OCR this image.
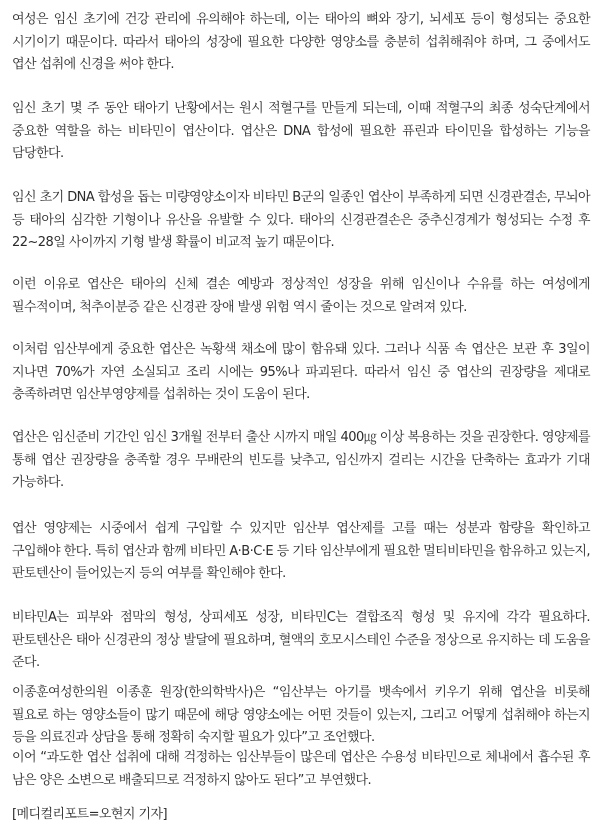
여성은 임신 초기에 건강 관리에 유의해야 하는데, 이는 태아의 뼈와 장기, 뇌세포 등이 형성되는 중요한 시기이기 때문이다. 따라서 태아의 성장에 필요한 다양한 영양소를 충분히 섭취해줘야 하며, 그 중에서도 엽산 섭취에 신경을 써야 한다.

임신 초기 몇 주 동안 태아기 난황에서는 원시 적혈구를 만들게 되는데, 이때 적혈구의 최종 성숙단계에서 중요한 역할을 하는 비타민이 엽산이다. 엽산은 DNA 합성에 필요한 퓨린과 타이민을 합성하는 기능을 담당한다.

임신 초기 DNA 합성을 돕는 미량영양소이자 비타민 B군의 일종인 엽산이 부족하게 되면 신경관결손, 무뇌아 등 태아의 심각한 기형이나 유산을 유발할 수 있다. 태아의 신경관결손은 중추신경계가 형성되는 수정 후 22~28일 사이까지 기형 발생 확률이 비교적 높기 때문이다.

이런 이유로 엽산은 태아의 신체 결손 예방과 정상적인 성장을 위해 임신이나 수유를 하는 여성에게 필수적이며, 척추이분증 같은 신경관 장애 발생 위험 역시 줄이는 것으로 알려져 있다.

이처럼 임산부에게 중요한 엽산은 녹황색 채소에 많이 함유돼 있다. 그러나 식품 속 엽산은 보관 후 3일이 지나면 70%가 자연 소실되고 조리 시에는 95%나 파괴된다. 따라서 임신 중 엽산의 권장량을 제대로 충족하려면 임산부영양제를 섭취하는 것이 도움이 된다.

엽산은 임신준비 기간인 임신 3개월 전부터 출산 시까지 매일 400㎍ 이상 복용하는 것을 권장한다. 영양제를 통해 엽산 권장량을 충족할 경우 무배란의 빈도를 낮추고, 임신까지 걸리는 시간을 단축하는 효과가 기대 가능하다.

엽산 영양제는 시중에서 쉽게 구입할 수 있지만 임산부 엽산제를 고를 때는 성분과 함량을 확인하고 구입해야 한다. 특히 엽산과 함께 비타민 A·B·C·E 등 기타 임산부에게 필요한 멀티비타민을 함유하고 있는지, 판토텐산이 들어있는지 등의 여부를 확인해야 한다.

비타민A는 피부와 점막의 형성, 상피세포 성장, 비타민C는 결합조직 형성 및 유지에 각각 필요하다. 판토텐산은 태아 신경관의 정상 발달에 필요하며, 혈액의 호모시스테인 수준을 정상으로 유지하는 데 도움을 준다.

이종훈여성한의원 이종훈 원장(한의학박사)은 “임산부는 아기를 뱃속에서 키우기 위해 엽산을 비롯해 필요로 하는 영양소들이 많기 때문에 해당 영양소에는 어떤 것들이 있는지, 그리고 어떻게 섭취해야 하는지 등을 의료진과 상담을 통해 정확히 숙지할 필요가 있다”고 조언했다.

이어 “과도한 엽산 섭취에 대해 걱정하는 임산부들이 많은데 엽산은 수용성 비타민으로 체내에서 흡수된 후 남은 양은 소변으로 배출되므로 걱정하지 않아도 된다”고 부연했다.

[메디컬리포트=오현지 기자]
